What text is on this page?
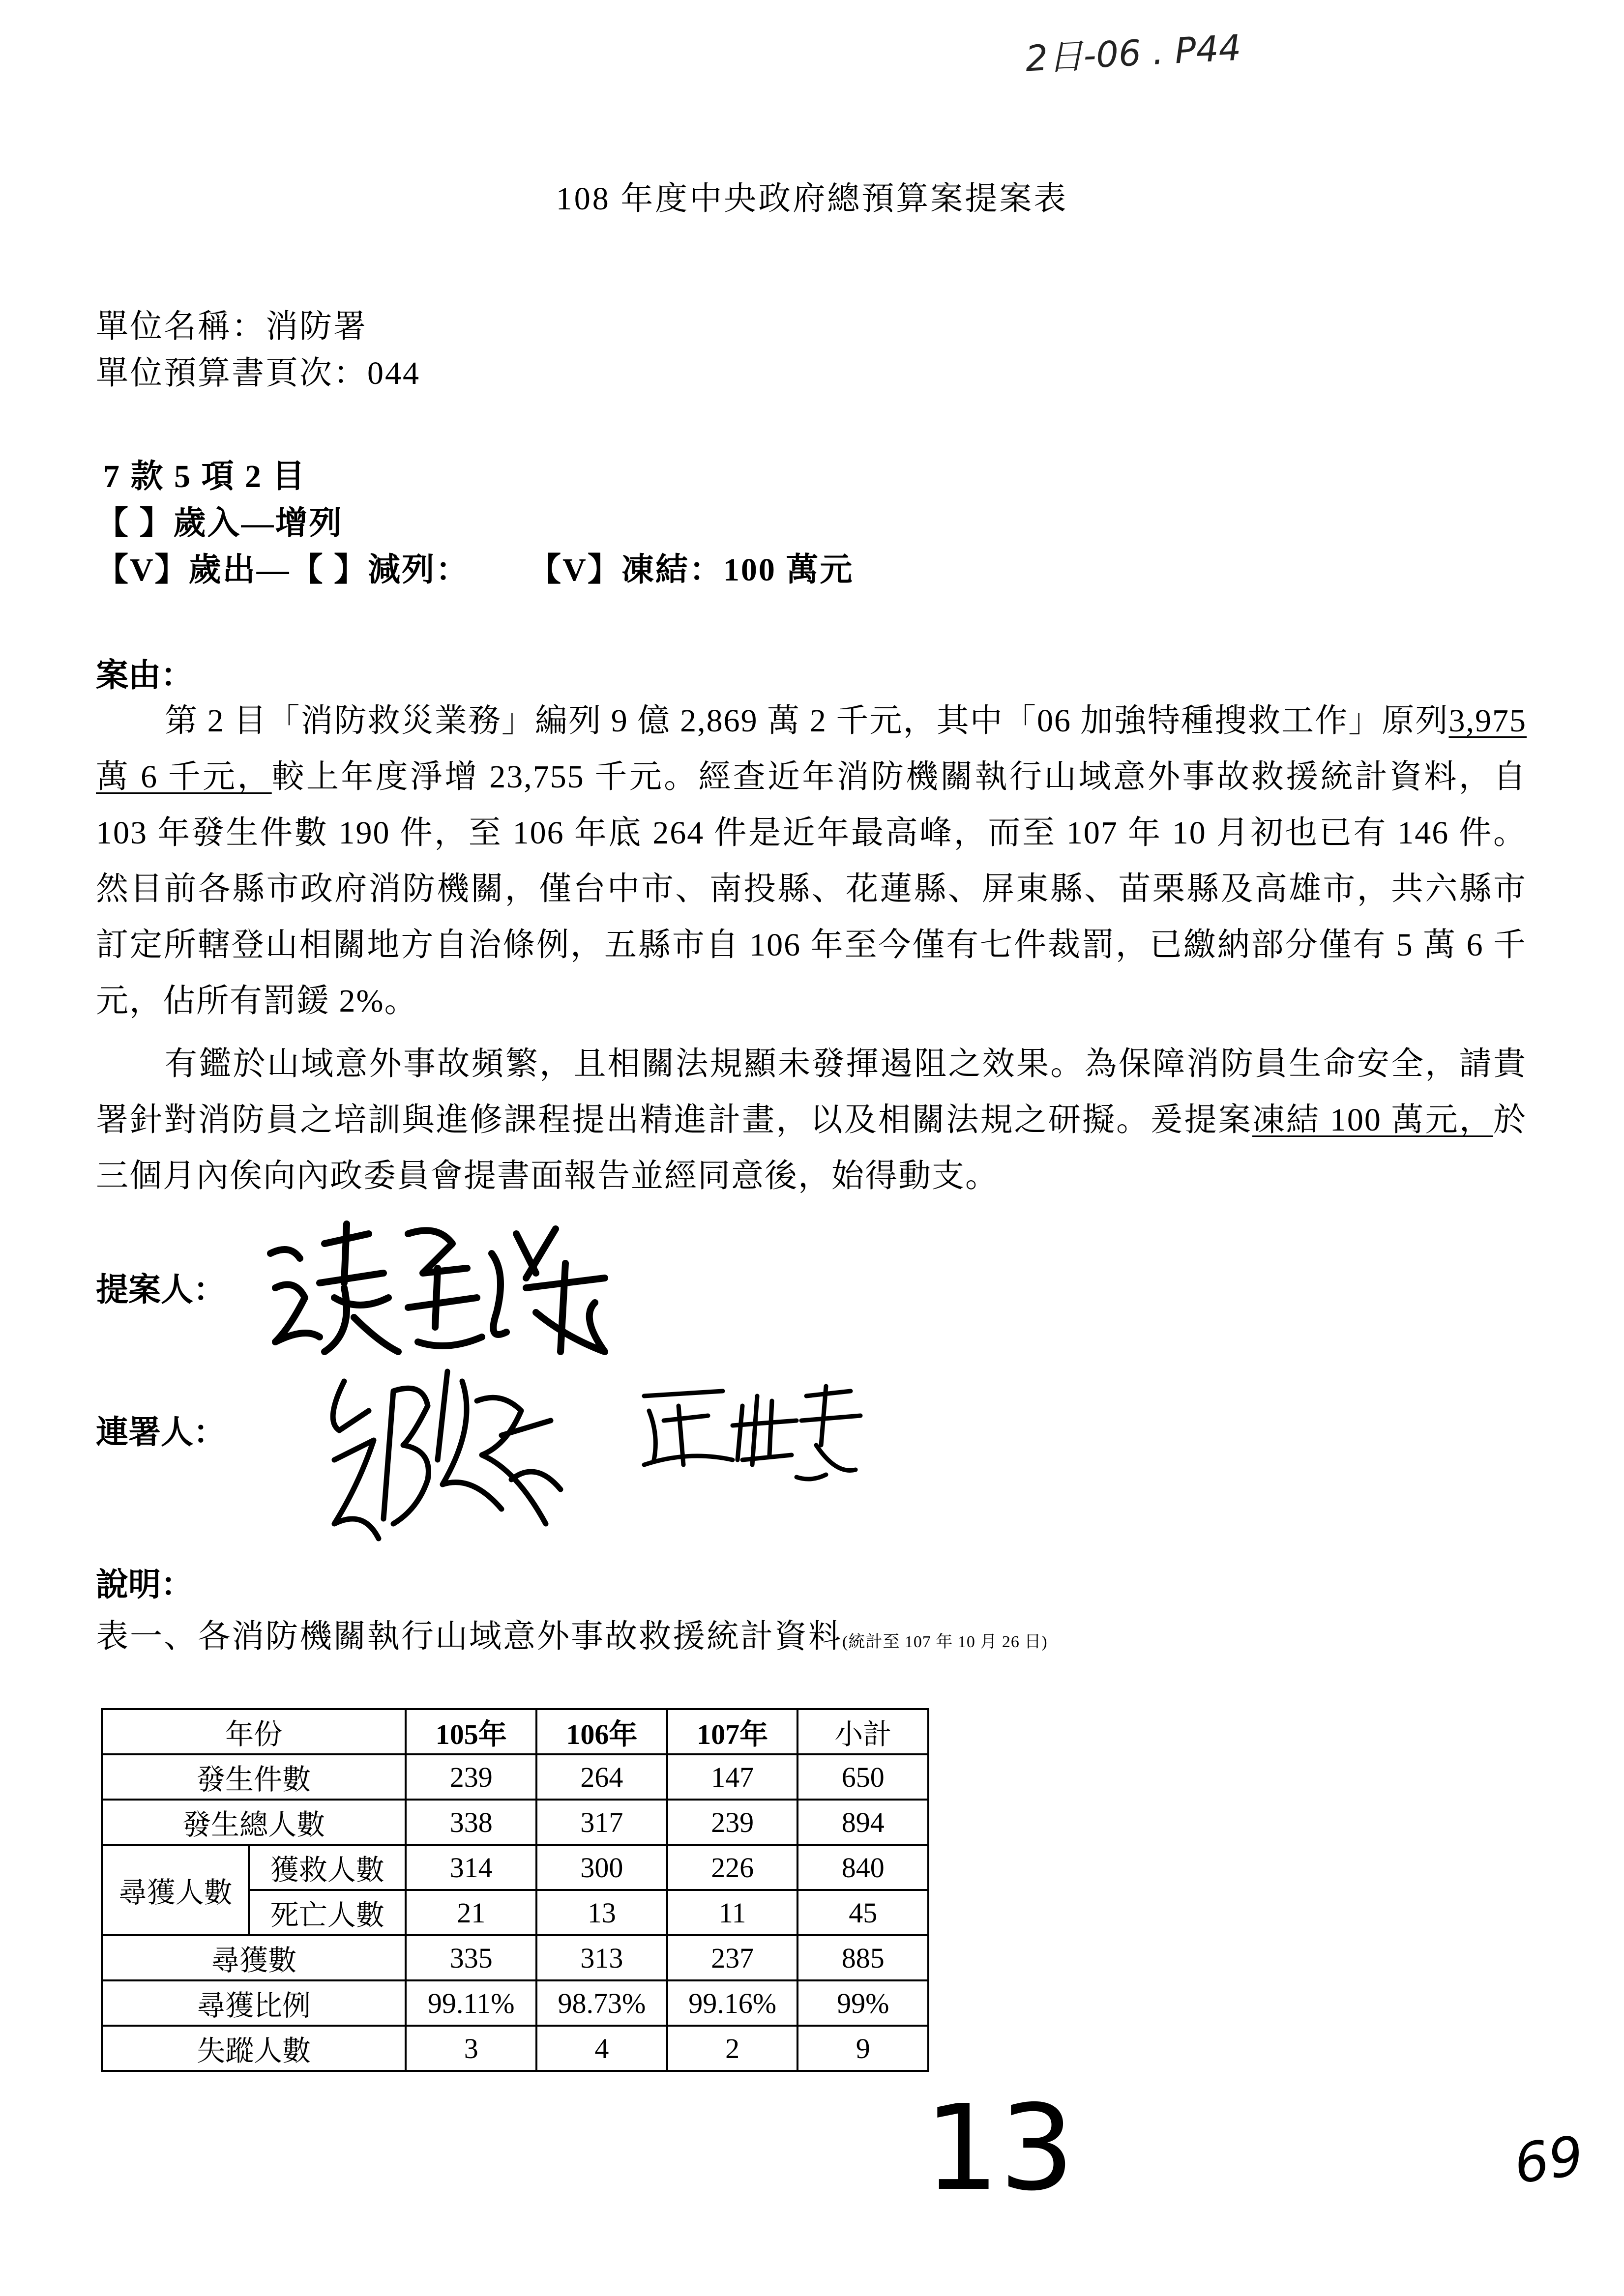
2日-06 . P44
108 年度中央政府總預算案提案表
單位名稱：消防署
單位預算書頁次：044
7 款 5 項 2 目
【 】歲入—增列
【V】歲出—【 】減列： 【V】凍結：100 萬元
案由：

第 2 目「消防救災業務」編列 9 億 2,869 萬 2 千元，其中「06 加強特種搜救工作」原列3,975 萬 6 千元，較上年度淨增 23,755 千元。經查近年消防機關執行山域意外事故救援統計資料，自 103 年發生件數 190 件，至 106 年底 264 件是近年最高峰，而至 107 年 10 月初也已有 146 件。然目前各縣市政府消防機關，僅台中市、南投縣、花蓮縣、屏東縣、苗栗縣及高雄市，共六縣市訂定所轄登山相關地方自治條例，五縣市自 106 年至今僅有七件裁罰，已繳納部分僅有 5 萬 6 千元，佔所有罰鍰 2%。

有鑑於山域意外事故頻繁，且相關法規顯未發揮遏阻之效果。為保障消防員生命安全，請貴署針對消防員之培訓與進修課程提出精進計畫，以及相關法規之研擬。爰提案凍結 100 萬元，於三個月內俟向內政委員會提書面報告並經同意後，始得動支。

提案人：
連署人：
說明：
表一、各消防機關執行山域意外事故救援統計資料(統計至 107 年 10 月 26 日)
年份		105年	106年	107年	小計
發生件數		239	264	147	650
發生總人數		338	317	239	894
尋獲人數	獲救人數	314	300	226	840
	死亡人數	21	13	11	45
尋獲數		335	313	237	885
尋獲比例		99.11%	98.73%	99.16%	99%
失蹤人數		3	4	2	9
13	69
